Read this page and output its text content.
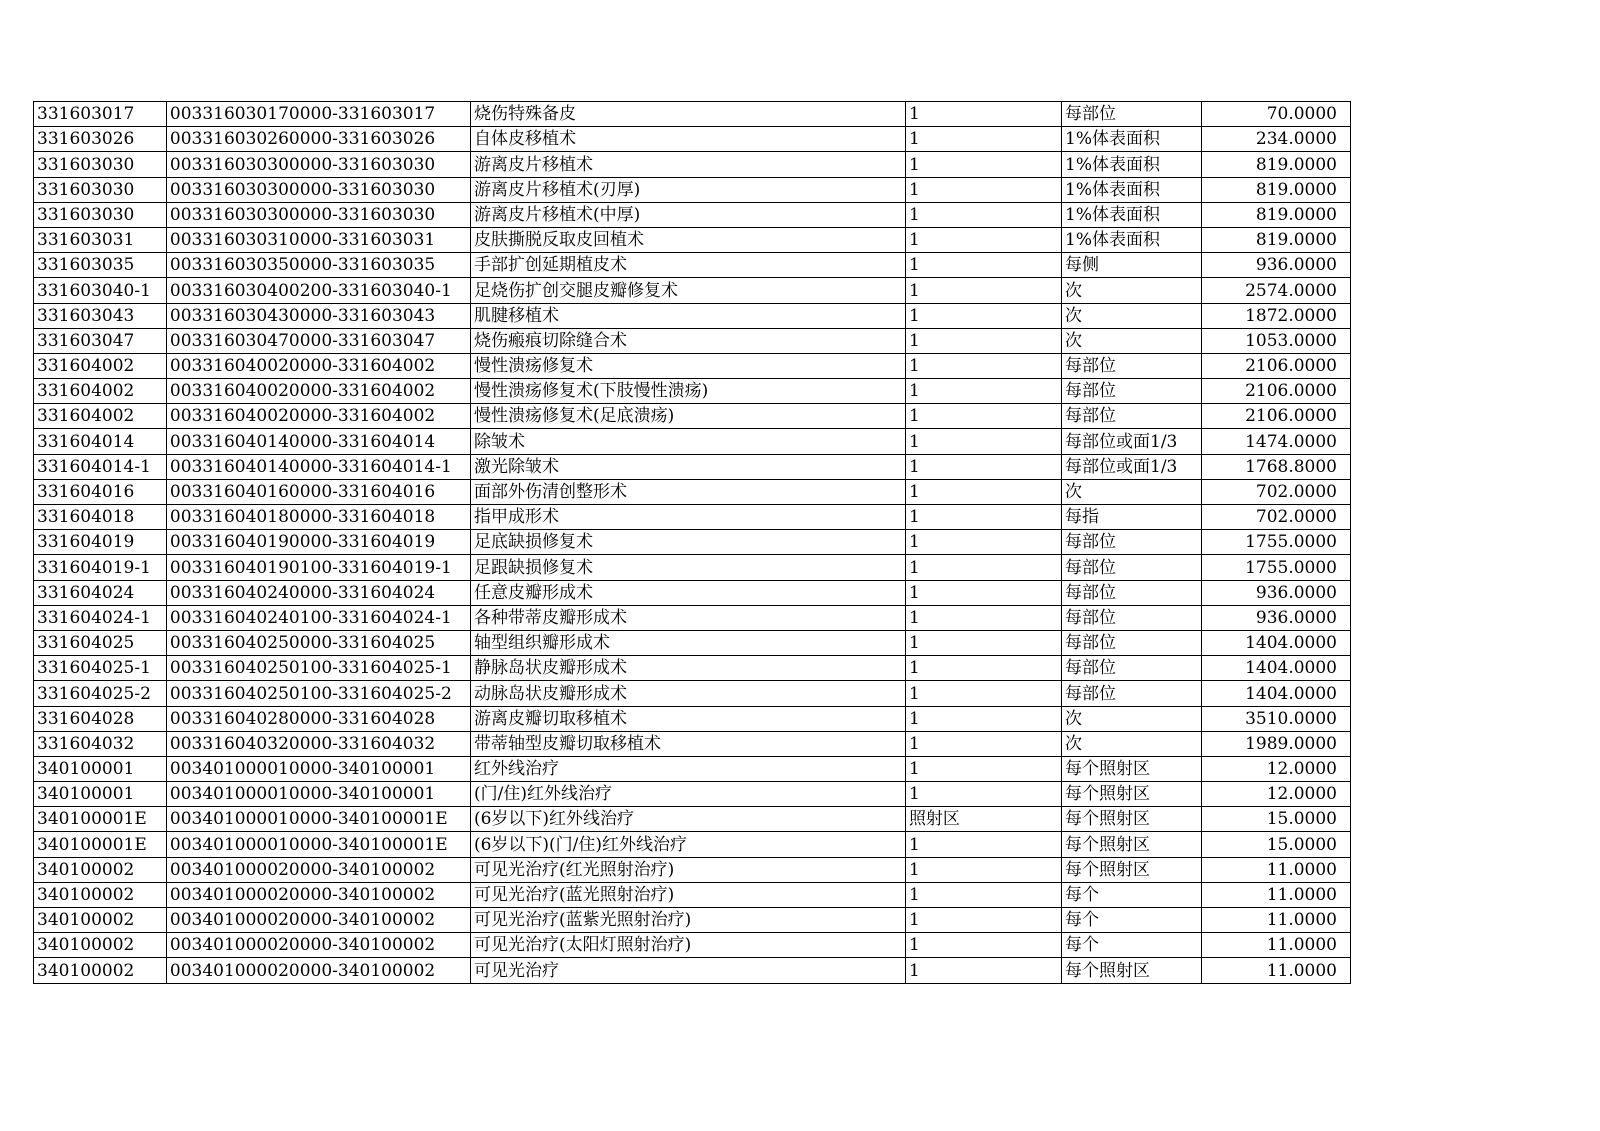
331603017	003316030170000-331603017	烧伤特殊备皮	1	每部位	70.0000
331603026	003316030260000-331603026	自体皮移植术	1	1%体表面积	234.0000
331603030	003316030300000-331603030	游离皮片移植术	1	1%体表面积	819.0000
331603030	003316030300000-331603030	游离皮片移植术(刃厚)	1	1%体表面积	819.0000
331603030	003316030300000-331603030	游离皮片移植术(中厚)	1	1%体表面积	819.0000
331603031	003316030310000-331603031	皮肤撕脱反取皮回植术	1	1%体表面积	819.0000
331603035	003316030350000-331603035	手部扩创延期植皮术	1	每侧	936.0000
331603040-1	003316030400200-331603040-1	足烧伤扩创交腿皮瓣修复术	1	次	2574.0000
331603043	003316030430000-331603043	肌腱移植术	1	次	1872.0000
331603047	003316030470000-331603047	烧伤瘢痕切除缝合术	1	次	1053.0000
331604002	003316040020000-331604002	慢性溃疡修复术	1	每部位	2106.0000
331604002	003316040020000-331604002	慢性溃疡修复术(下肢慢性溃疡)	1	每部位	2106.0000
331604002	003316040020000-331604002	慢性溃疡修复术(足底溃疡)	1	每部位	2106.0000
331604014	003316040140000-331604014	除皱术	1	每部位或面1/3	1474.0000
331604014-1	003316040140000-331604014-1	激光除皱术	1	每部位或面1/3	1768.8000
331604016	003316040160000-331604016	面部外伤清创整形术	1	次	702.0000
331604018	003316040180000-331604018	指甲成形术	1	每指	702.0000
331604019	003316040190000-331604019	足底缺损修复术	1	每部位	1755.0000
331604019-1	003316040190100-331604019-1	足跟缺损修复术	1	每部位	1755.0000
331604024	003316040240000-331604024	任意皮瓣形成术	1	每部位	936.0000
331604024-1	003316040240100-331604024-1	各种带蒂皮瓣形成术	1	每部位	936.0000
331604025	003316040250000-331604025	轴型组织瓣形成术	1	每部位	1404.0000
331604025-1	003316040250100-331604025-1	静脉岛状皮瓣形成术	1	每部位	1404.0000
331604025-2	003316040250100-331604025-2	动脉岛状皮瓣形成术	1	每部位	1404.0000
331604028	003316040280000-331604028	游离皮瓣切取移植术	1	次	3510.0000
331604032	003316040320000-331604032	带蒂轴型皮瓣切取移植术	1	次	1989.0000
340100001	003401000010000-340100001	红外线治疗	1	每个照射区	12.0000
340100001	003401000010000-340100001	(门/住)红外线治疗	1	每个照射区	12.0000
340100001E	003401000010000-340100001E	(6岁以下)红外线治疗	照射区	每个照射区	15.0000
340100001E	003401000010000-340100001E	(6岁以下)(门/住)红外线治疗	1	每个照射区	15.0000
340100002	003401000020000-340100002	可见光治疗(红光照射治疗)	1	每个照射区	11.0000
340100002	003401000020000-340100002	可见光治疗(蓝光照射治疗)	1	每个	11.0000
340100002	003401000020000-340100002	可见光治疗(蓝紫光照射治疗)	1	每个	11.0000
340100002	003401000020000-340100002	可见光治疗(太阳灯照射治疗)	1	每个	11.0000
340100002	003401000020000-340100002	可见光治疗	1	每个照射区	11.0000
